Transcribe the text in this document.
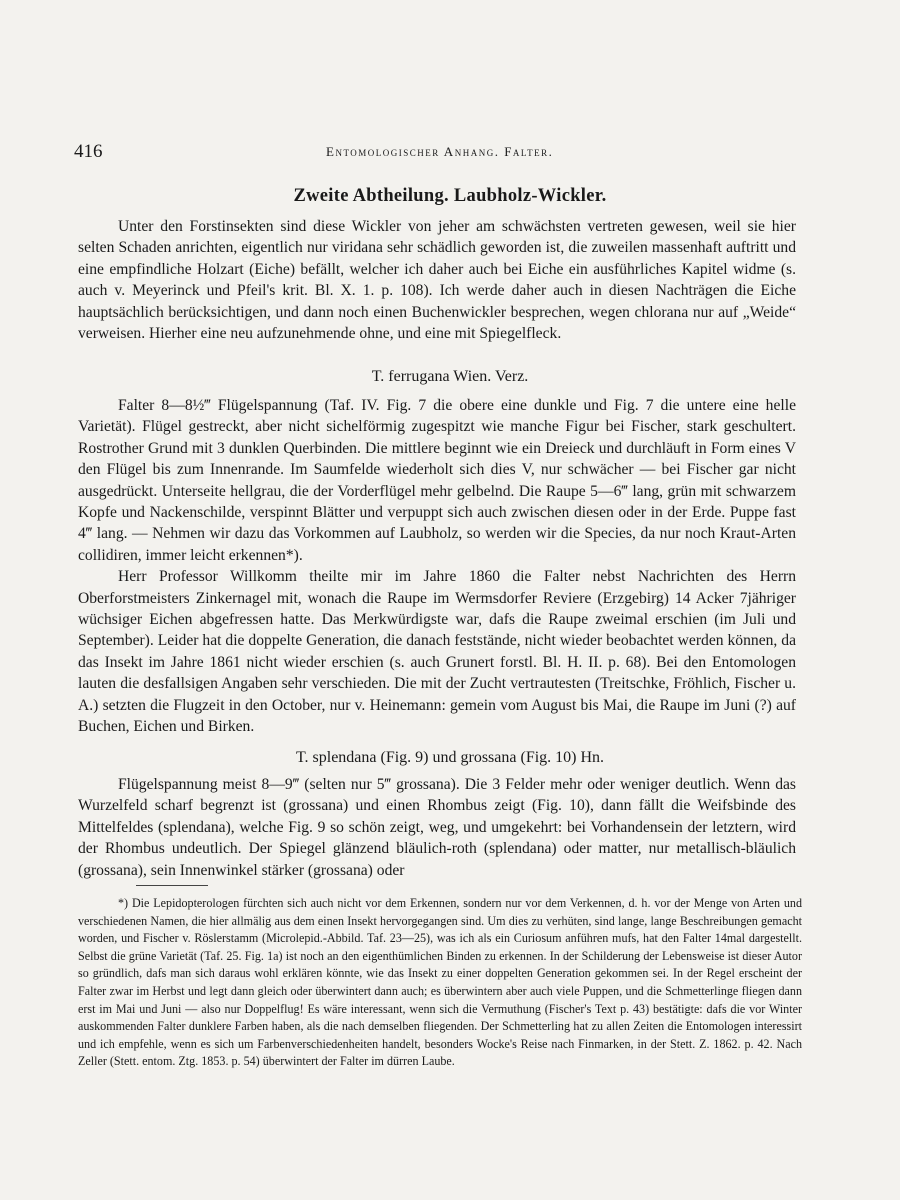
416	Entomologischer Anhang. Falter.
Zweite Abtheilung. Laubholz-Wickler.

Unter den Forstinsekten sind diese Wickler von jeher am schwächsten vertreten gewesen, weil sie hier selten Schaden anrichten, eigentlich nur viridana sehr schädlich geworden ist, die zuweilen massenhaft auftritt und eine empfindliche Holzart (Eiche) befällt, welcher ich daher auch bei Eiche ein ausführliches Kapitel widme (s. auch v. Meyerinck und Pfeil's krit. Bl. X. 1. p. 108). Ich werde daher auch in diesen Nachträgen die Eiche hauptsächlich berücksichtigen, und dann noch einen Buchenwickler besprechen, wegen chlorana nur auf „Weide“ verweisen. Hierher eine neu aufzunehmende ohne, und eine mit Spiegelfleck.

T. ferrugana Wien. Verz.

Falter 8—8½‴ Flügelspannung (Taf. IV. Fig. 7 die obere eine dunkle und Fig. 7 die untere eine helle Varietät). Flügel gestreckt, aber nicht sichelförmig zugespitzt wie manche Figur bei Fischer, stark geschultert. Rostrother Grund mit 3 dunklen Querbinden. Die mittlere beginnt wie ein Dreieck und durchläuft in Form eines V den Flügel bis zum Innenrande. Im Saumfelde wiederholt sich dies V, nur schwächer — bei Fischer gar nicht ausgedrückt. Unterseite hellgrau, die der Vorderflügel mehr gelbelnd. Die Raupe 5—6‴ lang, grün mit schwarzem Kopfe und Nackenschilde, verspinnt Blätter und verpuppt sich auch zwischen diesen oder in der Erde. Puppe fast 4‴ lang. — Nehmen wir dazu das Vorkommen auf Laubholz, so werden wir die Species, da nur noch Kraut-Arten collidiren, immer leicht erkennen*).

Herr Professor Willkomm theilte mir im Jahre 1860 die Falter nebst Nachrichten des Herrn Oberforstmeisters Zinkernagel mit, wonach die Raupe im Wermsdorfer Reviere (Erzgebirg) 14 Acker 7jähriger wüchsiger Eichen abgefressen hatte. Das Merkwürdigste war, dafs die Raupe zweimal erschien (im Juli und September). Leider hat die doppelte Generation, die danach feststände, nicht wieder beobachtet werden können, da das Insekt im Jahre 1861 nicht wieder erschien (s. auch Grunert forstl. Bl. H. II. p. 68). Bei den Entomologen lauten die desfallsigen Angaben sehr verschieden. Die mit der Zucht vertrautesten (Treitschke, Fröhlich, Fischer u. A.) setzten die Flugzeit in den October, nur v. Heinemann: gemein vom August bis Mai, die Raupe im Juni (?) auf Buchen, Eichen und Birken.

T. splendana (Fig. 9) und grossana (Fig. 10) Hn.

Flügelspannung meist 8—9‴ (selten nur 5‴ grossana). Die 3 Felder mehr oder weniger deutlich. Wenn das Wurzelfeld scharf begrenzt ist (grossana) und einen Rhombus zeigt (Fig. 10), dann fällt die Weifsbinde des Mittelfeldes (splendana), welche Fig. 9 so schön zeigt, weg, und umgekehrt: bei Vorhandensein der letztern, wird der Rhombus undeutlich. Der Spiegel glänzend bläulich-roth (splendana) oder matter, nur metallisch-bläulich (grossana), sein Innenwinkel stärker (grossana) oder

*) Die Lepidopterologen fürchten sich auch nicht vor dem Erkennen, sondern nur vor dem Verkennen, d. h. vor der Menge von Arten und verschiedenen Namen, die hier allmälig aus dem einen Insekt hervorgegangen sind. Um dies zu verhüten, sind lange, lange Beschreibungen gemacht worden, und Fischer v. Röslerstamm (Microlepid.-Abbild. Taf. 23—25), was ich als ein Curiosum anführen mufs, hat den Falter 14mal dargestellt. Selbst die grüne Varietät (Taf. 25. Fig. 1a) ist noch an den eigenthümlichen Binden zu erkennen. In der Schilderung der Lebensweise ist dieser Autor so gründlich, dafs man sich daraus wohl erklären könnte, wie das Insekt zu einer doppelten Generation gekommen sei. In der Regel erscheint der Falter zwar im Herbst und legt dann gleich oder überwintert dann auch; es überwintern aber auch viele Puppen, und die Schmetterlinge fliegen dann erst im Mai und Juni — also nur Doppelflug! Es wäre interessant, wenn sich die Vermuthung (Fischer's Text p. 43) bestätigte: dafs die vor Winter auskommenden Falter dunklere Farben haben, als die nach demselben fliegenden. Der Schmetterling hat zu allen Zeiten die Entomologen interessirt und ich empfehle, wenn es sich um Farbenverschiedenheiten handelt, besonders Wocke's Reise nach Finmarken, in der Stett. Z. 1862. p. 42. Nach Zeller (Stett. entom. Ztg. 1853. p. 54) überwintert der Falter im dürren Laube.
